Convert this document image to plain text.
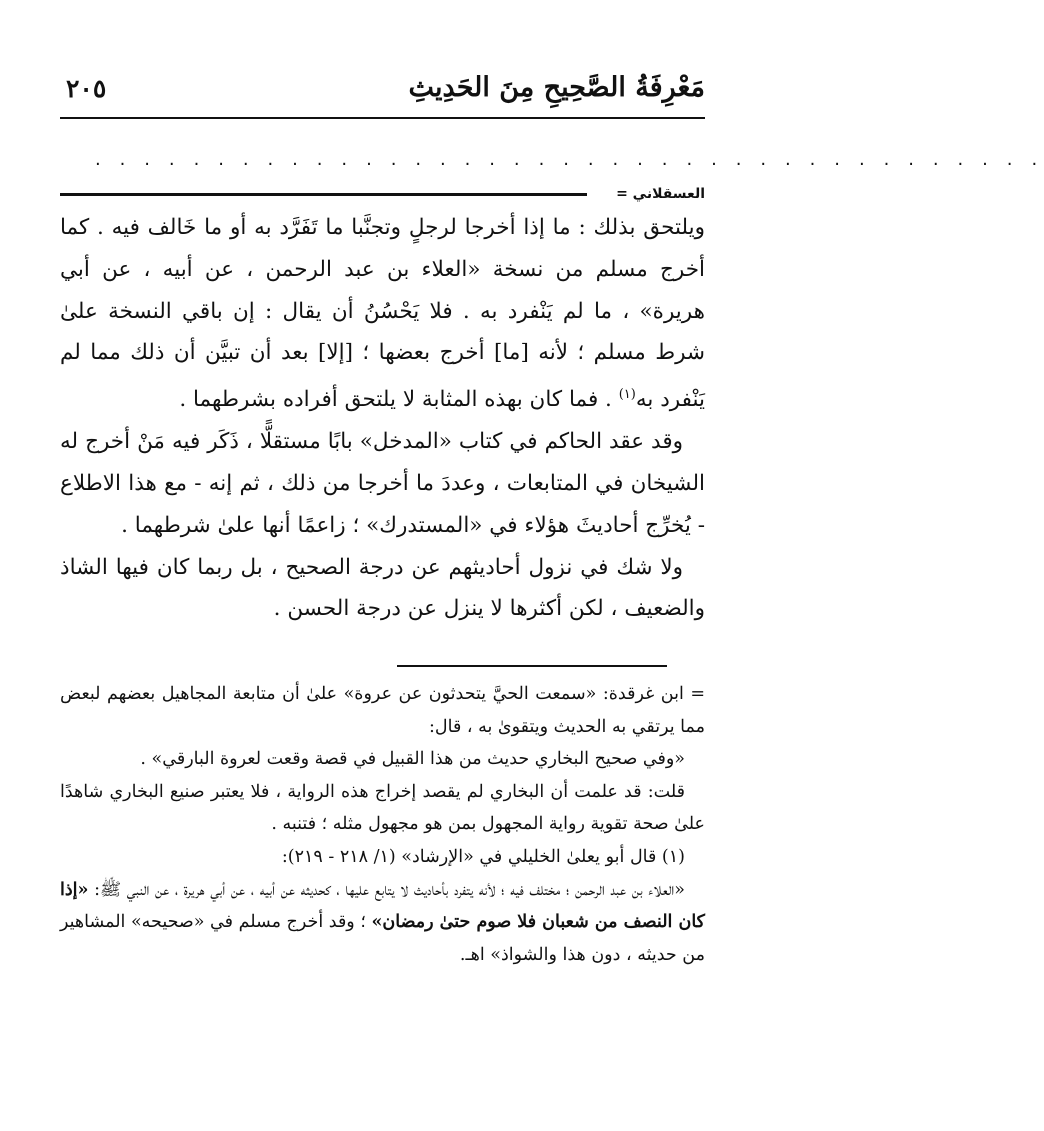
مَعْرِفَةُ الصَّحِيحِ مِنَ الحَدِيثِ
٢٠٥
. . . . . . . . . . . . . . . . . . . . . . . . . . . . . . . . . . . . . . .
العسقلاني =

ويلتحق بذلك : ما إذا أخرجا لرجلٍ وتجنَّبا ما تَفَرَّد به أو ما خَالف فيه . كما أخرج مسلم من نسخة «العلاء بن عبد الرحمن ، عن أبيه ، عن أبي هريرة» ، ما لم يَنْفرد به . فلا يَحْسُنُ أن يقال : إن باقي النسخة علىٰ شرط مسلم ؛ لأنه [ما] أخرج بعضها ؛ [إلا] بعد أن تبيَّن أن ذلك مما لم يَنْفرد به$^{(١)}$ . فما كان بهذه المثابة لا يلتحق أفراده بشرطهما .

وقد عقد الحاكم في كتاب «المدخل» بابًا مستقلًّا ، ذَكَر فيه مَنْ أخرج له الشيخان في المتابعات ، وعددَ ما أخرجا من ذلك ، ثم إنه - مع هذا الاطلاع - يُخرِّج أحاديثَ هؤلاء في «المستدرك» ؛ زاعمًا أنها علىٰ شرطهما .

ولا شك في نزول أحاديثهم عن درجة الصحيح ، بل ربما كان فيها الشاذ والضعيف ، لكن أكثرها لا ينزل عن درجة الحسن .

= ابن غرقدة: «سمعت الحيَّ يتحدثون عن عروة» علىٰ أن متابعة المجاهيل بعضهم لبعض مما يرتقي به الحديث ويتقوىٰ به ، قال:

«وفي صحيح البخاري حديث من هذا القبيل في قصة وقعت لعروة البارقي» .

قلت: قد علمت أن البخاري لم يقصد إخراج هذه الرواية ، فلا يعتبر صنيع البخاري شاهدًا علىٰ صحة تقوية رواية المجهول بمن هو مجهول مثله ؛ فتنبه .

(١) قال أبو يعلىٰ الخليلي في «الإرشاد» (١/ ٢١٨ - ٢١٩):

«العلاء بن عبد الرحمن ؛ مختلف فيه ؛ لأنه يتفرد بأحاديث لا يتابع عليها ، كحديثه عن أبيه ، عن أبي هريرة ، عن النبي ﷺ: «إذا كان النصف من شعبان فلا صوم حتىٰ رمضان» ؛ وقد أخرج مسلم في «صحيحه» المشاهير من حديثه ، دون هذا والشواذ» اهـ.
